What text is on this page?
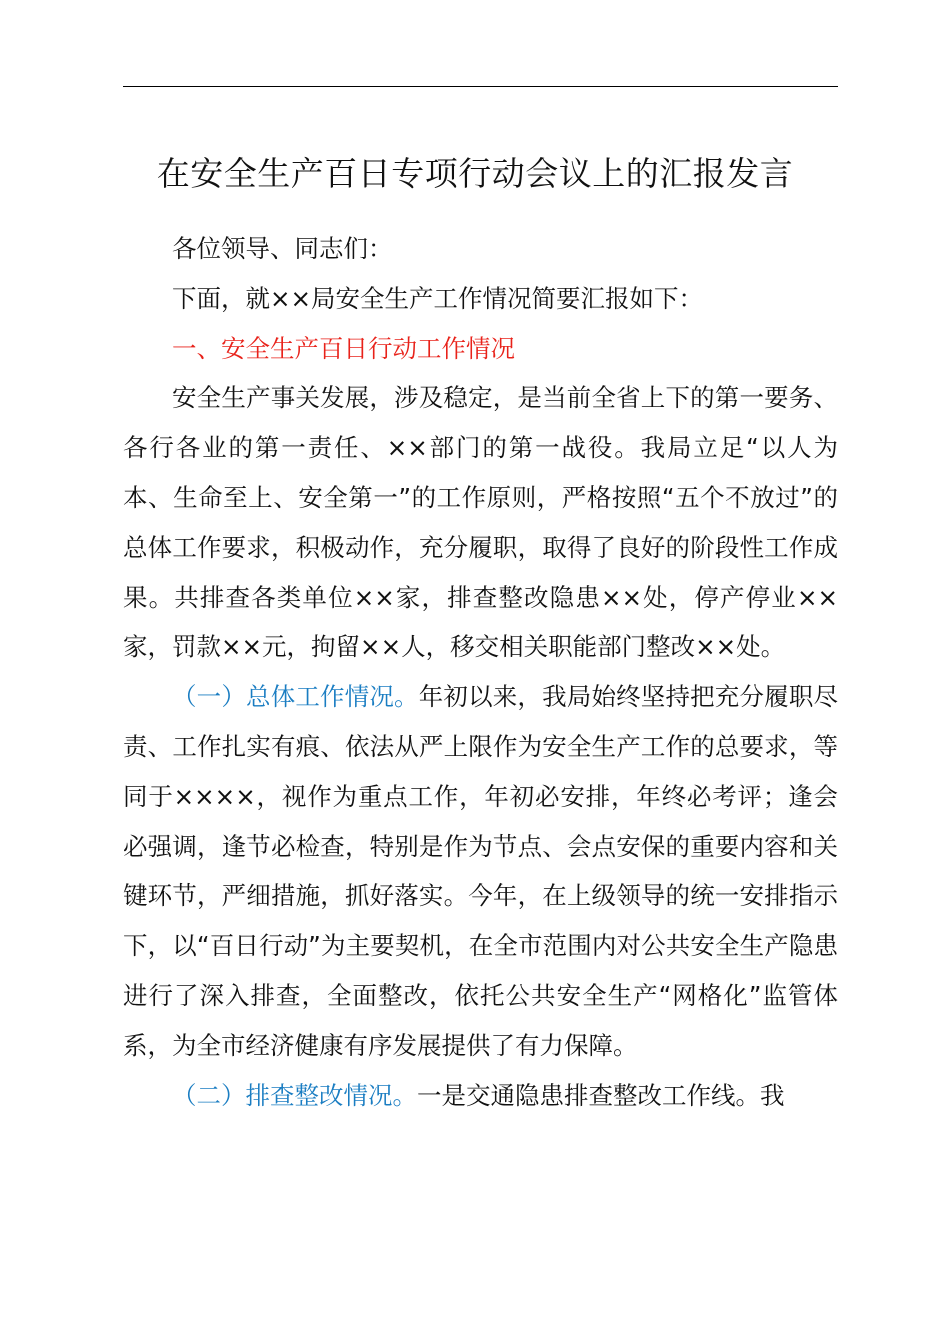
在安全生产百日专项行动会议上的汇报发言

各位领导、同志们：

下面，就××局安全生产工作情况简要汇报如下：

一、安全生产百日行动工作情况

安全生产事关发展，涉及稳定，是当前全省上下的第一要务、各行各业的第一责任、××部门的第一战役。我局立足“以人为本、生命至上、安全第一”的工作原则，严格按照“五个不放过”的总体工作要求，积极动作，充分履职，取得了良好的阶段性工作成果。共排查各类单位××家，排查整改隐患××处，停产停业××家，罚款××元，拘留××人，移交相关职能部门整改××处。

（一）总体工作情况。年初以来，我局始终坚持把充分履职尽责、工作扎实有痕、依法从严上限作为安全生产工作的总要求，等同于××××，视作为重点工作，年初必安排，年终必考评；逢会必强调，逢节必检查，特别是作为节点、会点安保的重要内容和关键环节，严细措施，抓好落实。今年，在上级领导的统一安排指示下，以“百日行动”为主要契机，在全市范围内对公共安全生产隐患进行了深入排查，全面整改，依托公共安全生产“网格化”监管体系，为全市经济健康有序发展提供了有力保障。

（二）排查整改情况。一是交通隐患排查整改工作线。我
